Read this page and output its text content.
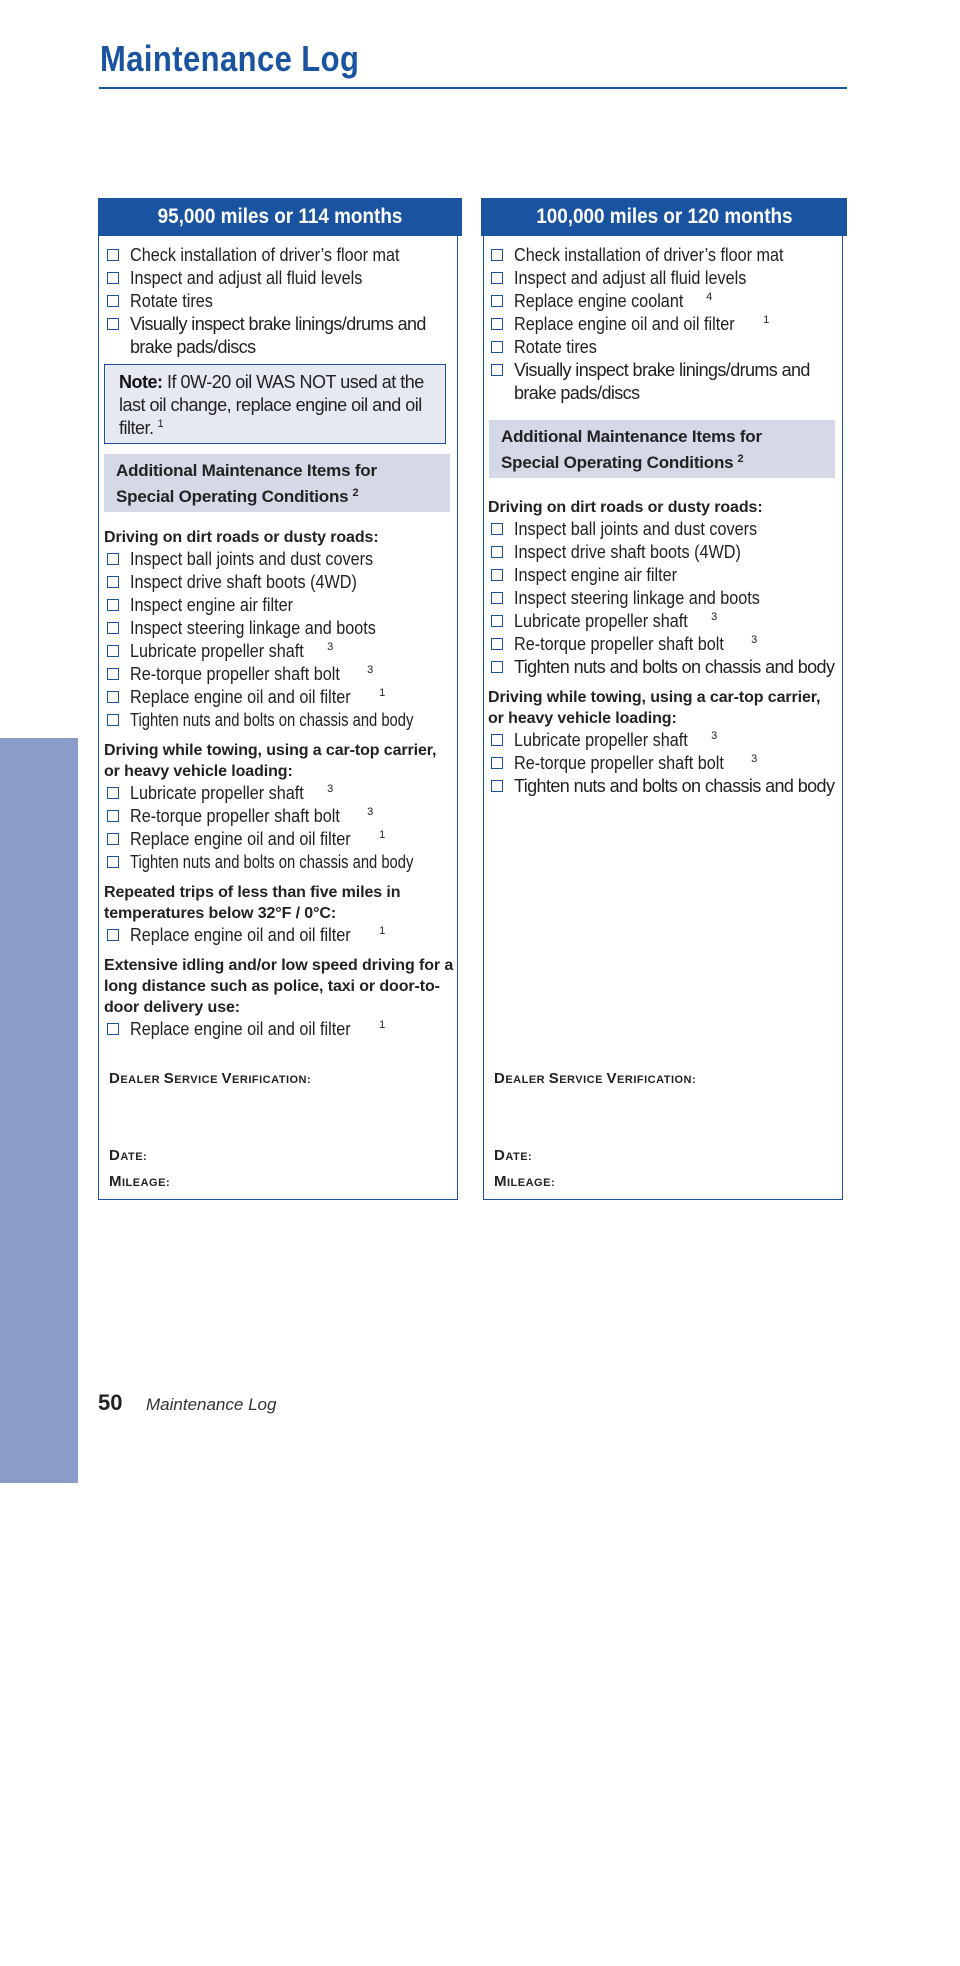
Maintenance Log
MAINTENANCE
95,000 miles or 114 months
Check installation of driver’s floor mat
Inspect and adjust all fluid levels
Rotate tires
Visually inspect brake linings/drums and brake pads/discs
Note: If 0W-20 oil WAS NOT used at the last oil change, replace engine oil and oil filter. $^1$
Additional Maintenance Items for
Special Operating Conditions $^2$
Driving on dirt roads or dusty roads:
Inspect ball joints and dust covers
Inspect drive shaft boots (4WD)
Inspect engine air filter
Inspect steering linkage and boots
Lubricate propeller shaft $^3$
Re-torque propeller shaft bolt $^3$
Replace engine oil and oil filter	$^1$
Tighten nuts and bolts on chassis and body
Driving while towing, using a car-top carrier, or heavy vehicle loading:
Lubricate propeller shaft $^3$
Re-torque propeller shaft bolt $^3$
Replace engine oil and oil filter	$^1$
Tighten nuts and bolts on chassis and body
Repeated trips of less than five miles in temperatures below 32°F / 0°C:
Replace engine oil and oil filter	$^1$
Extensive idling and/or low speed driving for a long distance such as police, taxi or door-to-door delivery use:
Replace engine oil and oil filter	$^1$
DEALER SERVICE VERIFICATION:
DATE:
MILEAGE:
100,000 miles or 120 months
Check installation of driver’s floor mat
Inspect and adjust all fluid levels
Replace engine coolant $^4$
Replace engine oil and oil filter	$^1$
Rotate tires
Visually inspect brake linings/drums and brake pads/discs
Additional Maintenance Items for
Special Operating Conditions $^2$
Driving on dirt roads or dusty roads:
Inspect ball joints and dust covers
Inspect drive shaft boots (4WD)
Inspect engine air filter
Inspect steering linkage and boots
Lubricate propeller shaft $^3$
Re-torque propeller shaft bolt $^3$
Tighten nuts and bolts on chassis and body
Driving while towing, using a car-top carrier, or heavy vehicle loading:
Lubricate propeller shaft $^3$
Re-torque propeller shaft bolt $^3$
Tighten nuts and bolts on chassis and body
DEALER SERVICE VERIFICATION:
DATE:
MILEAGE:
50 Maintenance Log
